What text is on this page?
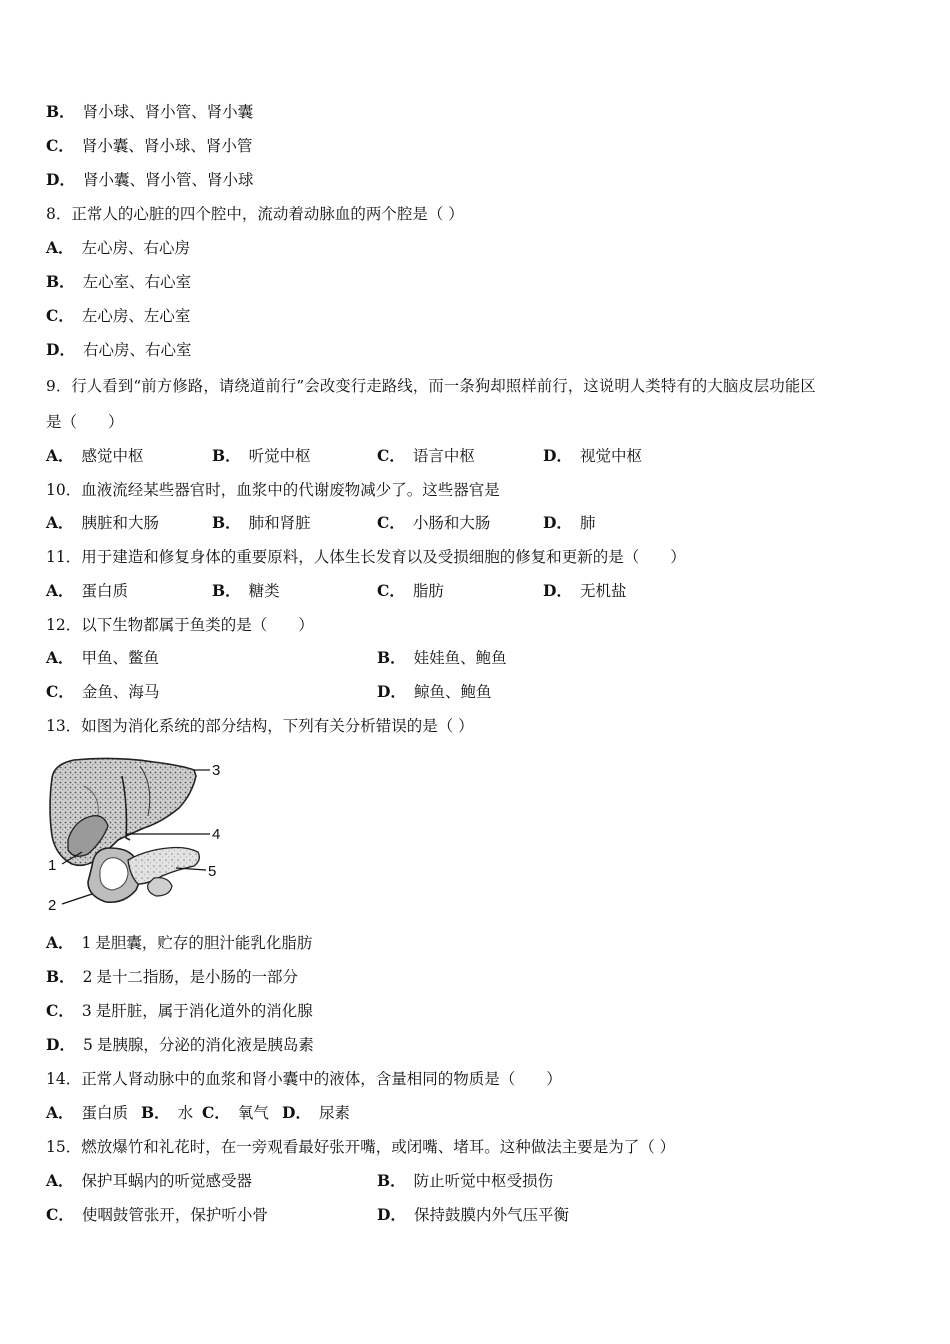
B． 肾小球、肾小管、肾小囊
C． 肾小囊、肾小球、肾小管
D． 肾小囊、肾小管、肾小球
8．正常人的心脏的四个腔中，流动着动脉血的两个腔是（ ）
A． 左心房、右心房
B． 左心室、右心室
C． 左心房、左心室
D． 右心房、右心室
9．行人看到“前方修路，请绕道前行”会改变行走路线，而一条狗却照样前行，这说明人类特有的大脑皮层功能区
是（　　）
A． 感觉中枢	B． 听觉中枢	C． 语言中枢	D． 视觉中枢
10．血液流经某些器官时，血浆中的代谢废物减少了。这些器官是
A． 胰脏和大肠	B． 肺和肾脏	C． 小肠和大肠	D． 肺
11．用于建造和修复身体的重要原料，人体生长发育以及受损细胞的修复和更新的是（　　）
A． 蛋白质	B． 糖类	C． 脂肪	D． 无机盐
12．以下生物都属于鱼类的是（　　）
A． 甲鱼、鳖鱼	B． 娃娃鱼、鲍鱼
C． 金鱼、海马	D． 鲸鱼、鲍鱼
13．如图为消化系统的部分结构，下列有关分析错误的是（ ）
3
4
5
1
2
A． 1 是胆囊，贮存的胆汁能乳化脂肪
B． 2 是十二指肠，是小肠的一部分
C． 3 是肝脏，属于消化道外的消化腺
D． 5 是胰腺，分泌的消化液是胰岛素
14．正常人肾动脉中的血浆和肾小囊中的液体，含量相同的物质是（　　）
A． 蛋白质 B． 水 C． 氧气 D． 尿素
15．燃放爆竹和礼花时，在一旁观看最好张开嘴，或闭嘴、堵耳。这种做法主要是为了（ ）
A． 保护耳蜗内的听觉感受器	B． 防止听觉中枢受损伤
C． 使咽鼓管张开，保护听小骨	D． 保持鼓膜内外气压平衡
